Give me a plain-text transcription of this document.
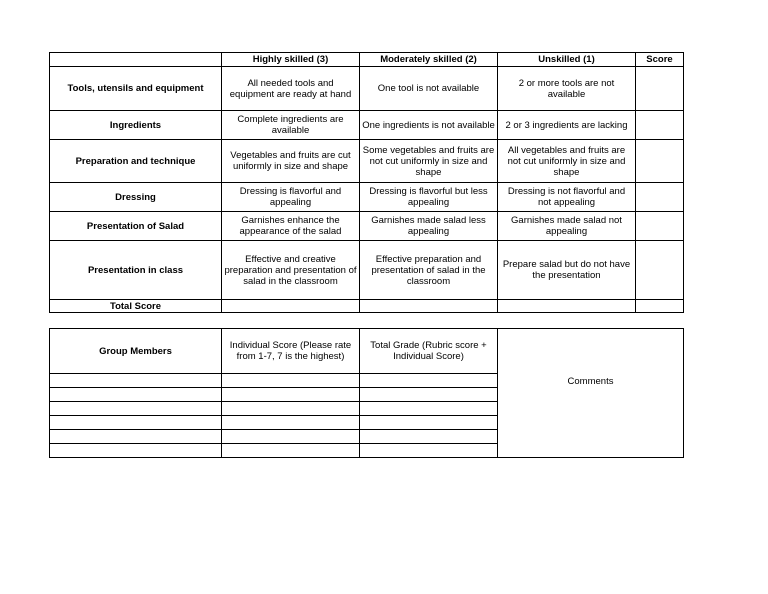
	Highly skilled (3)	Moderately skilled (2)	Unskilled (1)	Score
Tools, utensils and equipment	All needed tools and equipment are ready at hand	One tool is not available	2 or more tools are not available	
Ingredients	Complete ingredients are available	One ingredients is not available	2 or 3 ingredients are lacking	
Preparation and technique	Vegetables and fruits are cut uniformly in size and shape	Some vegetables and fruits are not cut uniformly in size and shape	All vegetables and fruits are not cut uniformly in size and shape	
Dressing	Dressing is flavorful and appealing	Dressing is flavorful but less appealing	Dressing is not flavorful and not appealing	
Presentation of Salad	Garnishes enhance the appearance of the salad	Garnishes made salad less appealing	Garnishes made salad not appealing	
Presentation in class	Effective and creative preparation and presentation of salad in the classroom	Effective preparation and presentation of salad in the classroom	Prepare salad but do not have the presentation	
Total Score				
Group Members	Individual Score (Please rate from 1-7, 7 is the highest)	Total Grade (Rubric score + Individual Score)	Comments
